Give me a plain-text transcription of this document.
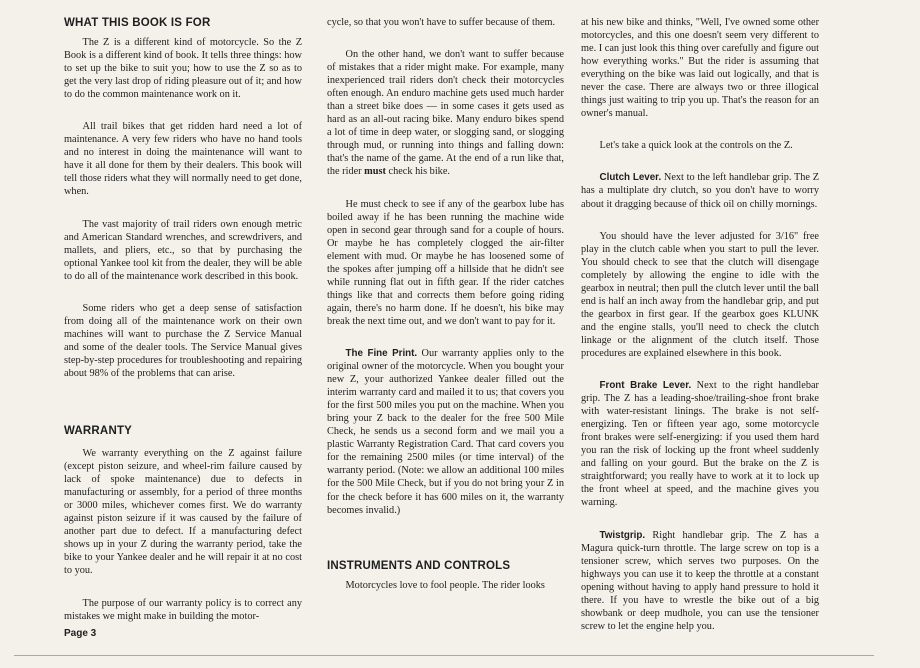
WHAT THIS BOOK IS FOR

The Z is a different kind of motorcycle. So the Z Book is a different kind of book. It tells three things: how to set up the bike to suit you; how to use the Z so as to get the very last drop of riding pleasure out of it; and how to do the common maintenance work on it.

All trail bikes that get ridden hard need a lot of maintenance. A very few riders who have no hand tools and no interest in doing the maintenance will want to have it all done for them by their dealers. This book will tell those riders what they will normally need to get done, when.

The vast majority of trail riders own enough metric and American Standard wrenches, and screwdrivers, and mallets, and pliers, etc., so that by purchasing the optional Yankee tool kit from the dealer, they will be able to do all of the maintenance work described in this book.

Some riders who get a deep sense of satisfaction from doing all of the maintenance work on their own machines will want to purchase the Z Service Manual and some of the dealer tools. The Service Manual gives step-by-step procedures for troubleshooting and repairing about 98% of the problems that can arise.

WARRANTY

We warranty everything on the Z against failure (except piston seizure, and wheel-rim failure caused by lack of spoke maintenance) due to defects in manufacturing or assembly, for a period of three months or 3000 miles, whichever comes first. We do warranty against piston seizure if it was caused by the failure of another part due to defect. If a manufacturing defect shows up in your Z during the warranty period, take the bike to your Yankee dealer and he will repair it at no cost to you.

The purpose of our warranty policy is to correct any mistakes we might make in building the motor-

cycle, so that you won't have to suffer because of them.

On the other hand, we don't want to suffer because of mistakes that a rider might make. For example, many inexperienced trail riders don't check their motorcycles often enough. An enduro machine gets used much harder than a street bike does — in some cases it gets used as hard as an all-out racing bike. Many enduro bikes spend a lot of time in deep water, or slogging sand, or slogging through mud, or running into things and falling down: that's the name of the game. At the end of a run like that, the rider must check his bike.

He must check to see if any of the gearbox lube has boiled away if he has been running the machine wide open in second gear through sand for a couple of hours. Or maybe he has completely clogged the air-filter element with mud. Or maybe he has loosened some of the spokes after jumping off a hillside that he didn't see while running flat out in fifth gear. If the rider catches things like that and corrects them before going riding again, there's no harm done. If he doesn't, his bike may break the next time out, and we don't want to pay for it.

The Fine Print. Our warranty applies only to the original owner of the motorcycle. When you bought your new Z, your authorized Yankee dealer filled out the interim warranty card and mailed it to us; that covers you for the first 500 miles you put on the machine. When you bring your Z back to the dealer for the free 500 Mile Check, he sends us a second form and we mail you a plastic Warranty Registration Card. That card covers you for the remaining 2500 miles (or time interval) of the warranty period. (Note: we allow an additional 100 miles for the 500 Mile Check, but if you do not bring your Z in for the check before it has 600 miles on it, the warranty becomes invalid.)

INSTRUMENTS AND CONTROLS

Motorcycles love to fool people. The rider looks

at his new bike and thinks, "Well, I've owned some other motorcycles, and this one doesn't seem very different to me. I can just look this thing over carefully and figure out how everything works." But the rider is assuming that everything on the bike was laid out logically, and that is never the case. There are always two or three illogical things just waiting to trip you up. That's the reason for an owner's manual.

Let's take a quick look at the controls on the Z.

Clutch Lever. Next to the left handlebar grip. The Z has a multiplate dry clutch, so you don't have to worry about it dragging because of thick oil on chilly mornings.

You should have the lever adjusted for 3/16" free play in the clutch cable when you start to pull the lever. You should check to see that the clutch will disengage completely by allowing the engine to idle with the gearbox in neutral; then pull the clutch lever until the ball end is half an inch away from the handlebar grip, and put the gearbox in first gear. If the gearbox goes KLUNK and the engine stalls, you'll need to check the clutch linkage or the alignment of the clutch itself. Those procedures are explained elsewhere in this book.

Front Brake Lever. Next to the right handlebar grip. The Z has a leading-shoe/trailing-shoe front brake with water-resistant linings. The brake is not self-energizing. Ten or fifteen year ago, some motorcycle front brakes were self-energizing: if you used them hard you ran the risk of locking up the front wheel suddenly and falling on your gourd. But the brake on the Z is straightforward; you really have to work at it to lock up the front wheel at speed, and the machine gives you warning.

Twistgrip. Right handlebar grip. The Z has a Magura quick-turn throttle. The large screw on top is a tensioner screw, which serves two purposes. On the highways you can use it to keep the throttle at a constant opening without having to apply hand pressure to hold it there. If you have to wrestle the bike out of a big showbank or deep mudhole, you can use the tensioner screw to let the engine help you.

Page 3
